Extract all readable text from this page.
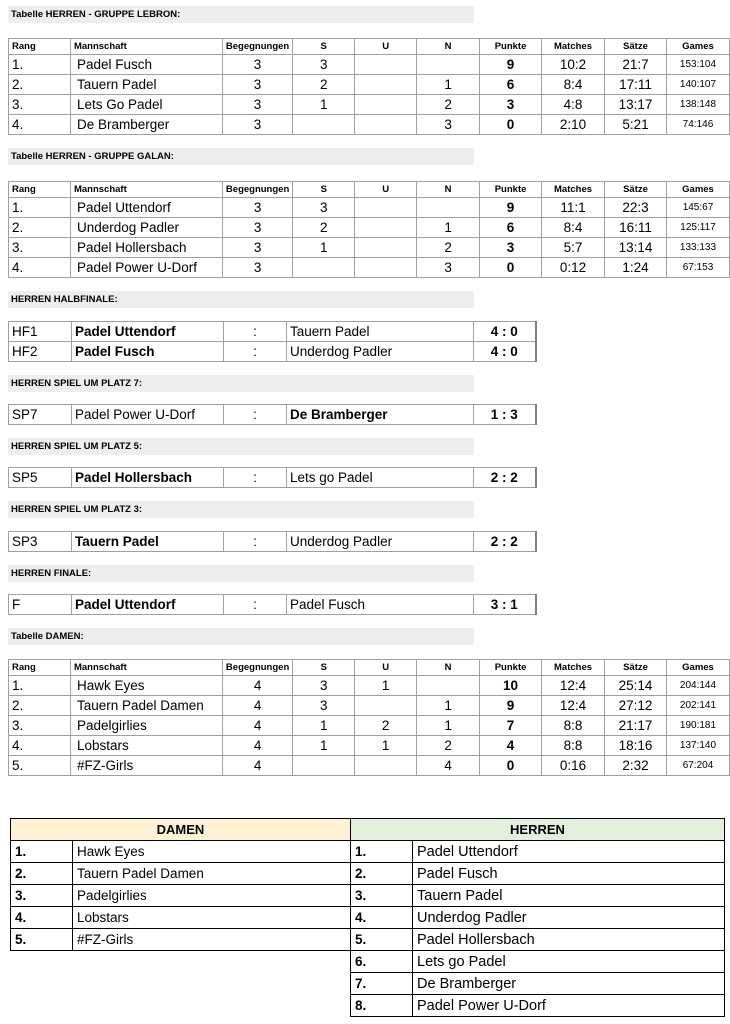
Tabelle HERREN - GRUPPE LEBRON:
Rang	Mannschaft	Begegnungen	S	U	N	Punkte	Matches	Sätze	Games
1.	Padel Fusch	3	3			9	10:2	21:7	153:104
2.	Tauern Padel	3	2		1	6	8:4	17:11	140:107
3.	Lets Go Padel	3	1		2	3	4:8	13:17	138:148
4.	De Bramberger	3			3	0	2:10	5:21	74:146
Tabelle HERREN - GRUPPE GALAN:
Rang	Mannschaft	Begegnungen	S	U	N	Punkte	Matches	Sätze	Games
1.	Padel Uttendorf	3	3			9	11:1	22:3	145:67
2.	Underdog Padler	3	2		1	6	8:4	16:11	125:117
3.	Padel Hollersbach	3	1		2	3	5:7	13:14	133:133
4.	Padel Power U-Dorf	3			3	0	0:12	1:24	67:153
HERREN HALBFINALE:
HF1	Padel Uttendorf	:	Tauern Padel	4 : 0
HF2	Padel Fusch	:	Underdog Padler	4 : 0
HERREN SPIEL UM PLATZ 7:
SP7	Padel Power U-Dorf	:	De Bramberger	1 : 3
HERREN SPIEL UM PLATZ 5:
SP5	Padel Hollersbach	:	Lets go Padel	2 : 2
HERREN SPIEL UM PLATZ 3:
SP3	Tauern Padel	:	Underdog Padler	2 : 2
HERREN FINALE:
F	Padel Uttendorf	:	Padel Fusch	3 : 1
Tabelle DAMEN:
Rang	Mannschaft	Begegnungen	S	U	N	Punkte	Matches	Sätze	Games
1.	Hawk Eyes	4	3	1		10	12:4	25:14	204:144
2.	Tauern Padel Damen	4	3		1	9	12:4	27:12	202:141
3.	Padelgirlies	4	1	2	1	7	8:8	21:17	190:181
4.	Lobstars	4	1	1	2	4	8:8	18:16	137:140
5.	#FZ-Girls	4			4	0	0:16	2:32	67:204
DAMEN		HERREN	
1.	Hawk Eyes	1.	Padel Uttendorf
2.	Tauern Padel Damen	2.	Padel Fusch
3.	Padelgirlies	3.	Tauern Padel
4.	Lobstars	4.	Underdog Padler
5.	#FZ-Girls	5.	Padel Hollersbach
		6.	Lets go Padel
		7.	De Bramberger
		8.	Padel Power U-Dorf
